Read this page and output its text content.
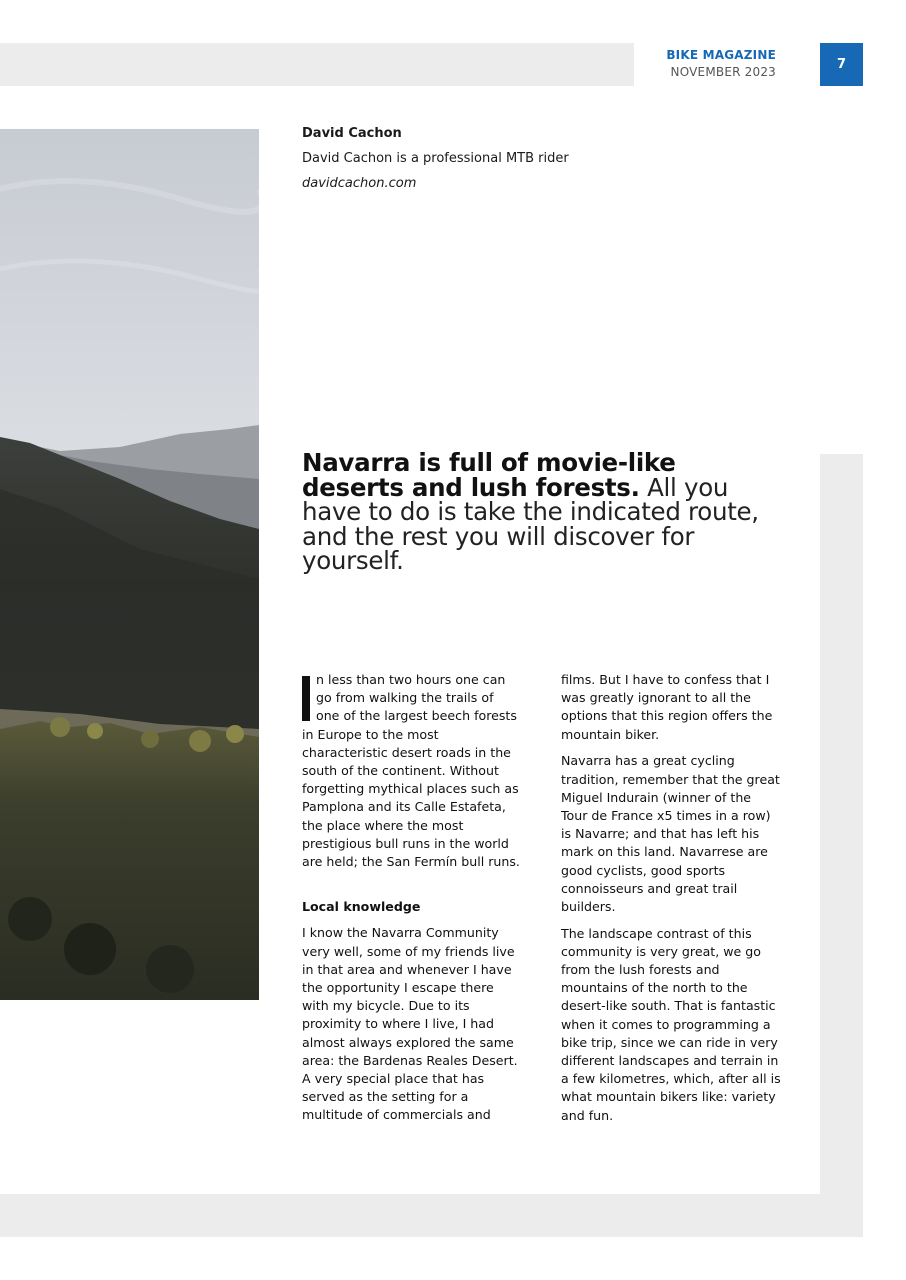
BIKE MAGAZINE
NOVEMBER 2023	7

David Cachon

David Cachon is a professional MTB rider

davidcachon.com

Navarra is full of movie-like deserts and lush forests. All you have to do is take the indicated route, and the rest you will discover for yourself.

n less than two hours one can go from walking the trails of one of the largest beech forests in Europe to the most characteristic desert roads in the south of the continent. Without forgetting mythical places such as Pamplona and its Calle Estafeta, the place where the most prestigious bull runs in the world are held; the San Fermín bull runs.

Local knowledge

I know the Navarra Community very well, some of my friends live in that area and whenever I have the opportunity I escape there with my bicycle. Due to its proximity to where I live, I had almost always explored the same area: the Bardenas Reales Desert. A very special place that has served as the setting for a multitude of commercials and

films. But I have to confess that I was greatly ignorant to all the options that this region offers the mountain biker.

Navarra has a great cycling tradition, remember that the great Miguel Indurain (winner of the Tour de France x5 times in a row) is Navarre; and that has left his mark on this land. Navarrese are good cyclists, good sports connoisseurs and great trail builders.

The landscape contrast of this community is very great, we go from the lush forests and mountains of the north to the desert-like south. That is fantastic when it comes to programming a bike trip, since we can ride in very different landscapes and terrain in a few kilometres, which, after all is what mountain bikers like: variety and fun.
